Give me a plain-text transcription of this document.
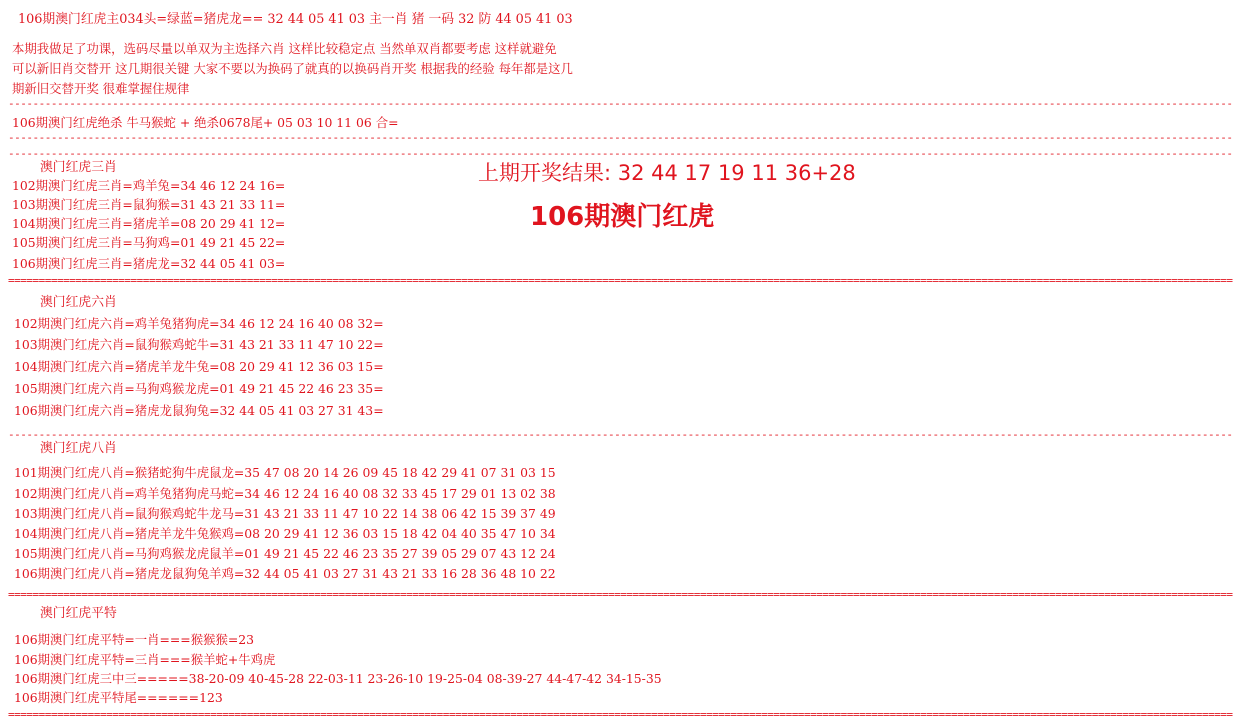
106期澳门红虎主034头=绿蓝=猪虎龙== 32 44 05 41 03 主一肖 猪 一码 32 防 44 05 41 03
本期我做足了功课，选码尽量以单双为主选择六肖 这样比较稳定点 当然单双肖都要考虑 这样就避免
可以新旧肖交替开 这几期很关键 大家不要以为换码了就真的以换码肖开奖 根据我的经验 每年都是这几
期新旧交替开奖 很难掌握住规律
--------------------------------------------------------------------------------------------------------------------------------------------------------------------------------------------------------
106期澳门红虎绝杀 牛马猴蛇 + 绝杀0678尾+ 05 03 10 11 06 合=
--------------------------------------------------------------------------------------------------------------------------------------------------------------------------------------------------------
--------------------------------------------------------------------------------------------------------------------------------------------------------------------------------------------------------
上期开奖结果: 32 44 17 19 11 36+28
106期澳门红虎
澳门红虎三肖
102期澳门红虎三肖=鸡羊兔=34 46 12 24 16=
103期澳门红虎三肖=鼠狗猴=31 43 21 33 11=
104期澳门红虎三肖=猪虎羊=08 20 29 41 12=
105期澳门红虎三肖=马狗鸡=01 49 21 45 22=
106期澳门红虎三肖=猪虎龙=32 44 05 41 03=
========================================================================================================================================================================================================
澳门红虎六肖
102期澳门红虎六肖=鸡羊兔猪狗虎=34 46 12 24 16 40 08 32=
103期澳门红虎六肖=鼠狗猴鸡蛇牛=31 43 21 33 11 47 10 22=
104期澳门红虎六肖=猪虎羊龙牛兔=08 20 29 41 12 36 03 15=
105期澳门红虎六肖=马狗鸡猴龙虎=01 49 21 45 22 46 23 35=
106期澳门红虎六肖=猪虎龙鼠狗兔=32 44 05 41 03 27 31 43=
--------------------------------------------------------------------------------------------------------------------------------------------------------------------------------------------------------
澳门红虎八肖
101期澳门红虎八肖=猴猪蛇狗牛虎鼠龙=35 47 08 20 14 26 09 45 18 42 29 41 07 31 03 15
102期澳门红虎八肖=鸡羊兔猪狗虎马蛇=34 46 12 24 16 40 08 32 33 45 17 29 01 13 02 38
103期澳门红虎八肖=鼠狗猴鸡蛇牛龙马=31 43 21 33 11 47 10 22 14 38 06 42 15 39 37 49
104期澳门红虎八肖=猪虎羊龙牛兔猴鸡=08 20 29 41 12 36 03 15 18 42 04 40 35 47 10 34
105期澳门红虎八肖=马狗鸡猴龙虎鼠羊=01 49 21 45 22 46 23 35 27 39 05 29 07 43 12 24
106期澳门红虎八肖=猪虎龙鼠狗兔羊鸡=32 44 05 41 03 27 31 43 21 33 16 28 36 48 10 22
========================================================================================================================================================================================================
澳门红虎平特
106期澳门红虎平特=一肖===猴猴猴=23
106期澳门红虎平特=三肖===猴羊蛇+牛鸡虎
106期澳门红虎三中三=====38-20-09 40-45-28 22-03-11 23-26-10 19-25-04 08-39-27 44-47-42 34-15-35
106期澳门红虎平特尾======123
========================================================================================================================================================================================================
